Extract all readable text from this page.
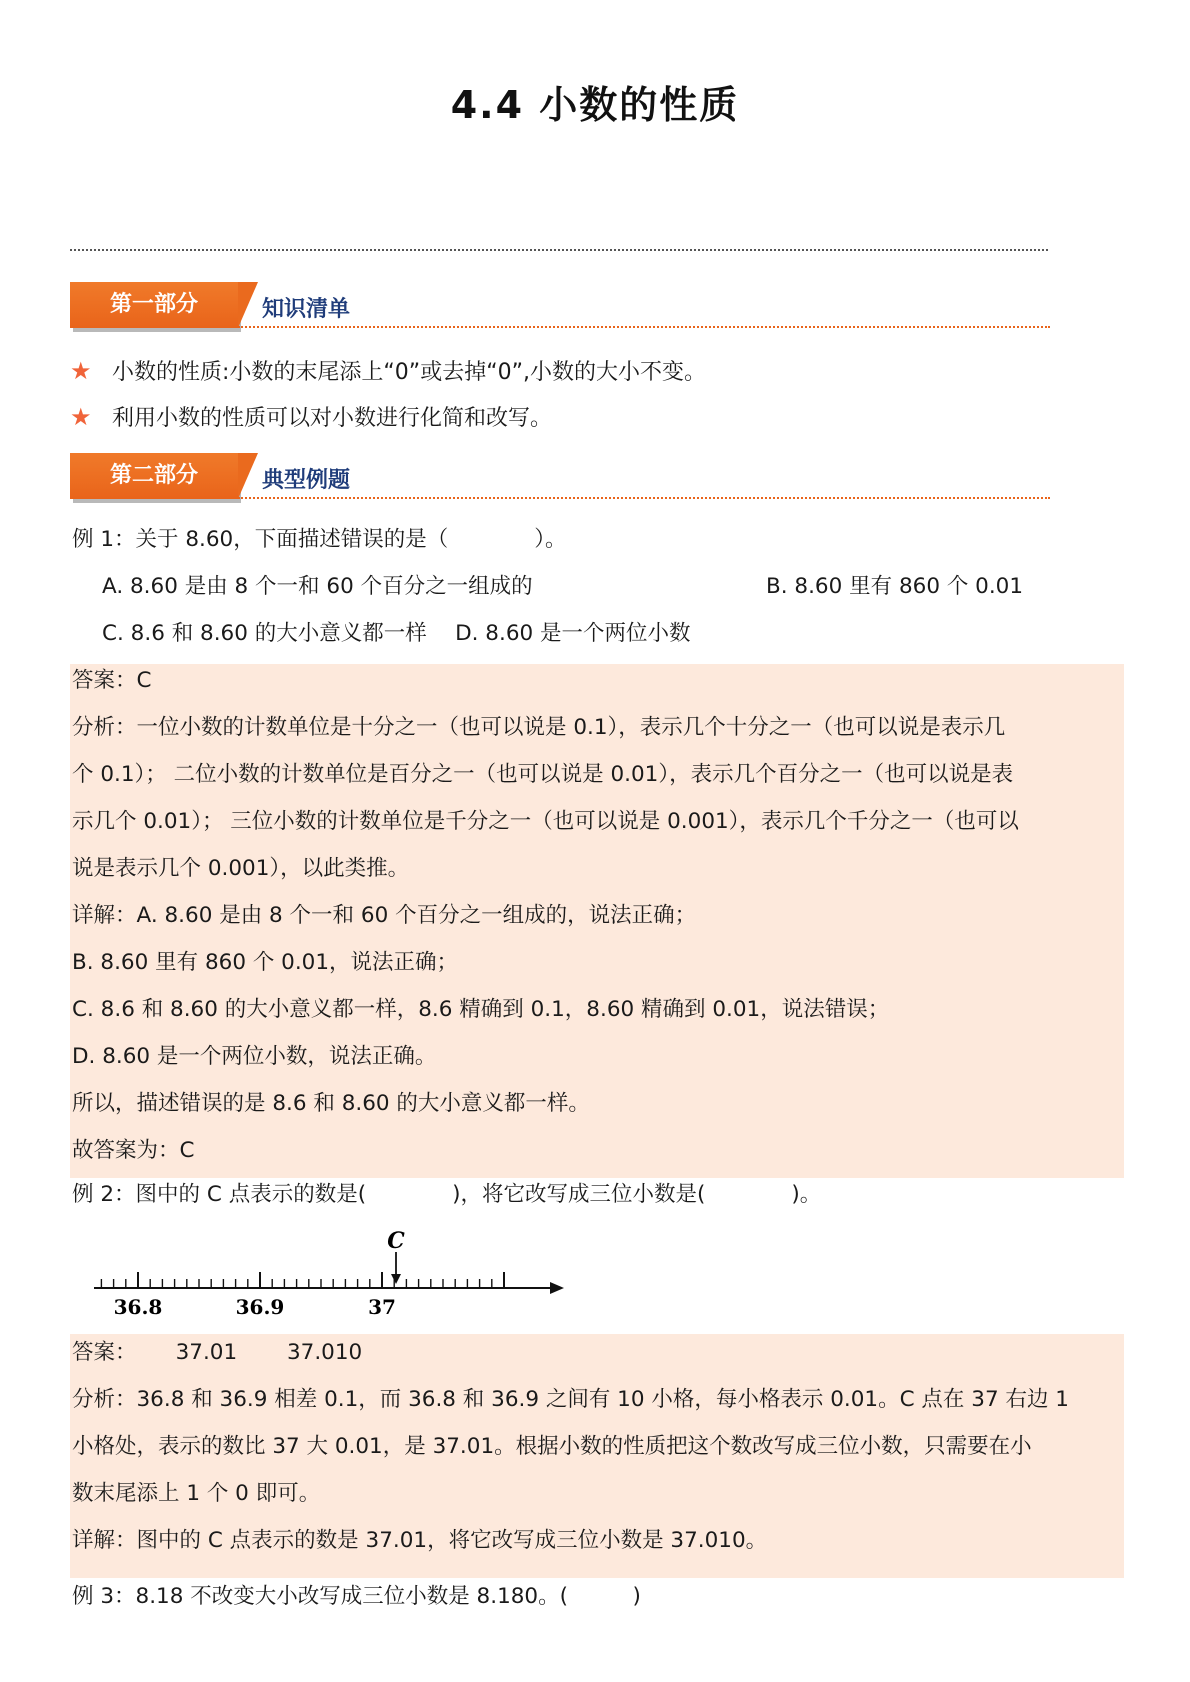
4.4 小数的性质
第一部分	知识清单
★ 小数的性质:小数的末尾添上“0”或去掉“0”,小数的大小不变。
★ 利用小数的性质可以对小数进行化简和改写。
第二部分	典型例题
例 1：关于 8.60，下面描述错误的是（　　　　）。
A. 8.60 是由 8 个一和 60 个百分之一组成的	B. 8.60 里有 860 个 0.01
C. 8.6 和 8.60 的大小意义都一样　 D. 8.60 是一个两位小数
答案：C
分析：一位小数的计数单位是十分之一（也可以说是 0.1），表示几个十分之一（也可以说是表示几
个 0.1）； 二位小数的计数单位是百分之一（也可以说是 0.01），表示几个百分之一（也可以说是表
示几个 0.01）； 三位小数的计数单位是千分之一（也可以说是 0.001），表示几个千分之一（也可以
说是表示几个 0.001），以此类推。
详解：A. 8.60 是由 8 个一和 60 个百分之一组成的，说法正确；
B. 8.60 里有 860 个 0.01，说法正确；
C. 8.6 和 8.60 的大小意义都一样，8.6 精确到 0.1，8.60 精确到 0.01，说法错误；
D. 8.60 是一个两位小数，说法正确。
所以，描述错误的是 8.6 和 8.60 的大小意义都一样。
故答案为：C
例 2：图中的 C 点表示的数是(　　　　)，将它改写成三位小数是(　　　　)。
C
36.8	36.9	37
答案：　　 37.01　　 37.010
分析：36.8 和 36.9 相差 0.1，而 36.8 和 36.9 之间有 10 小格，每小格表示 0.01。C 点在 37 右边 1
小格处，表示的数比 37 大 0.01，是 37.01。根据小数的性质把这个数改写成三位小数，只需要在小
数末尾添上 1 个 0 即可。
详解：图中的 C 点表示的数是 37.01，将它改写成三位小数是 37.010。
例 3：8.18 不改变大小改写成三位小数是 8.180。(　　　)
